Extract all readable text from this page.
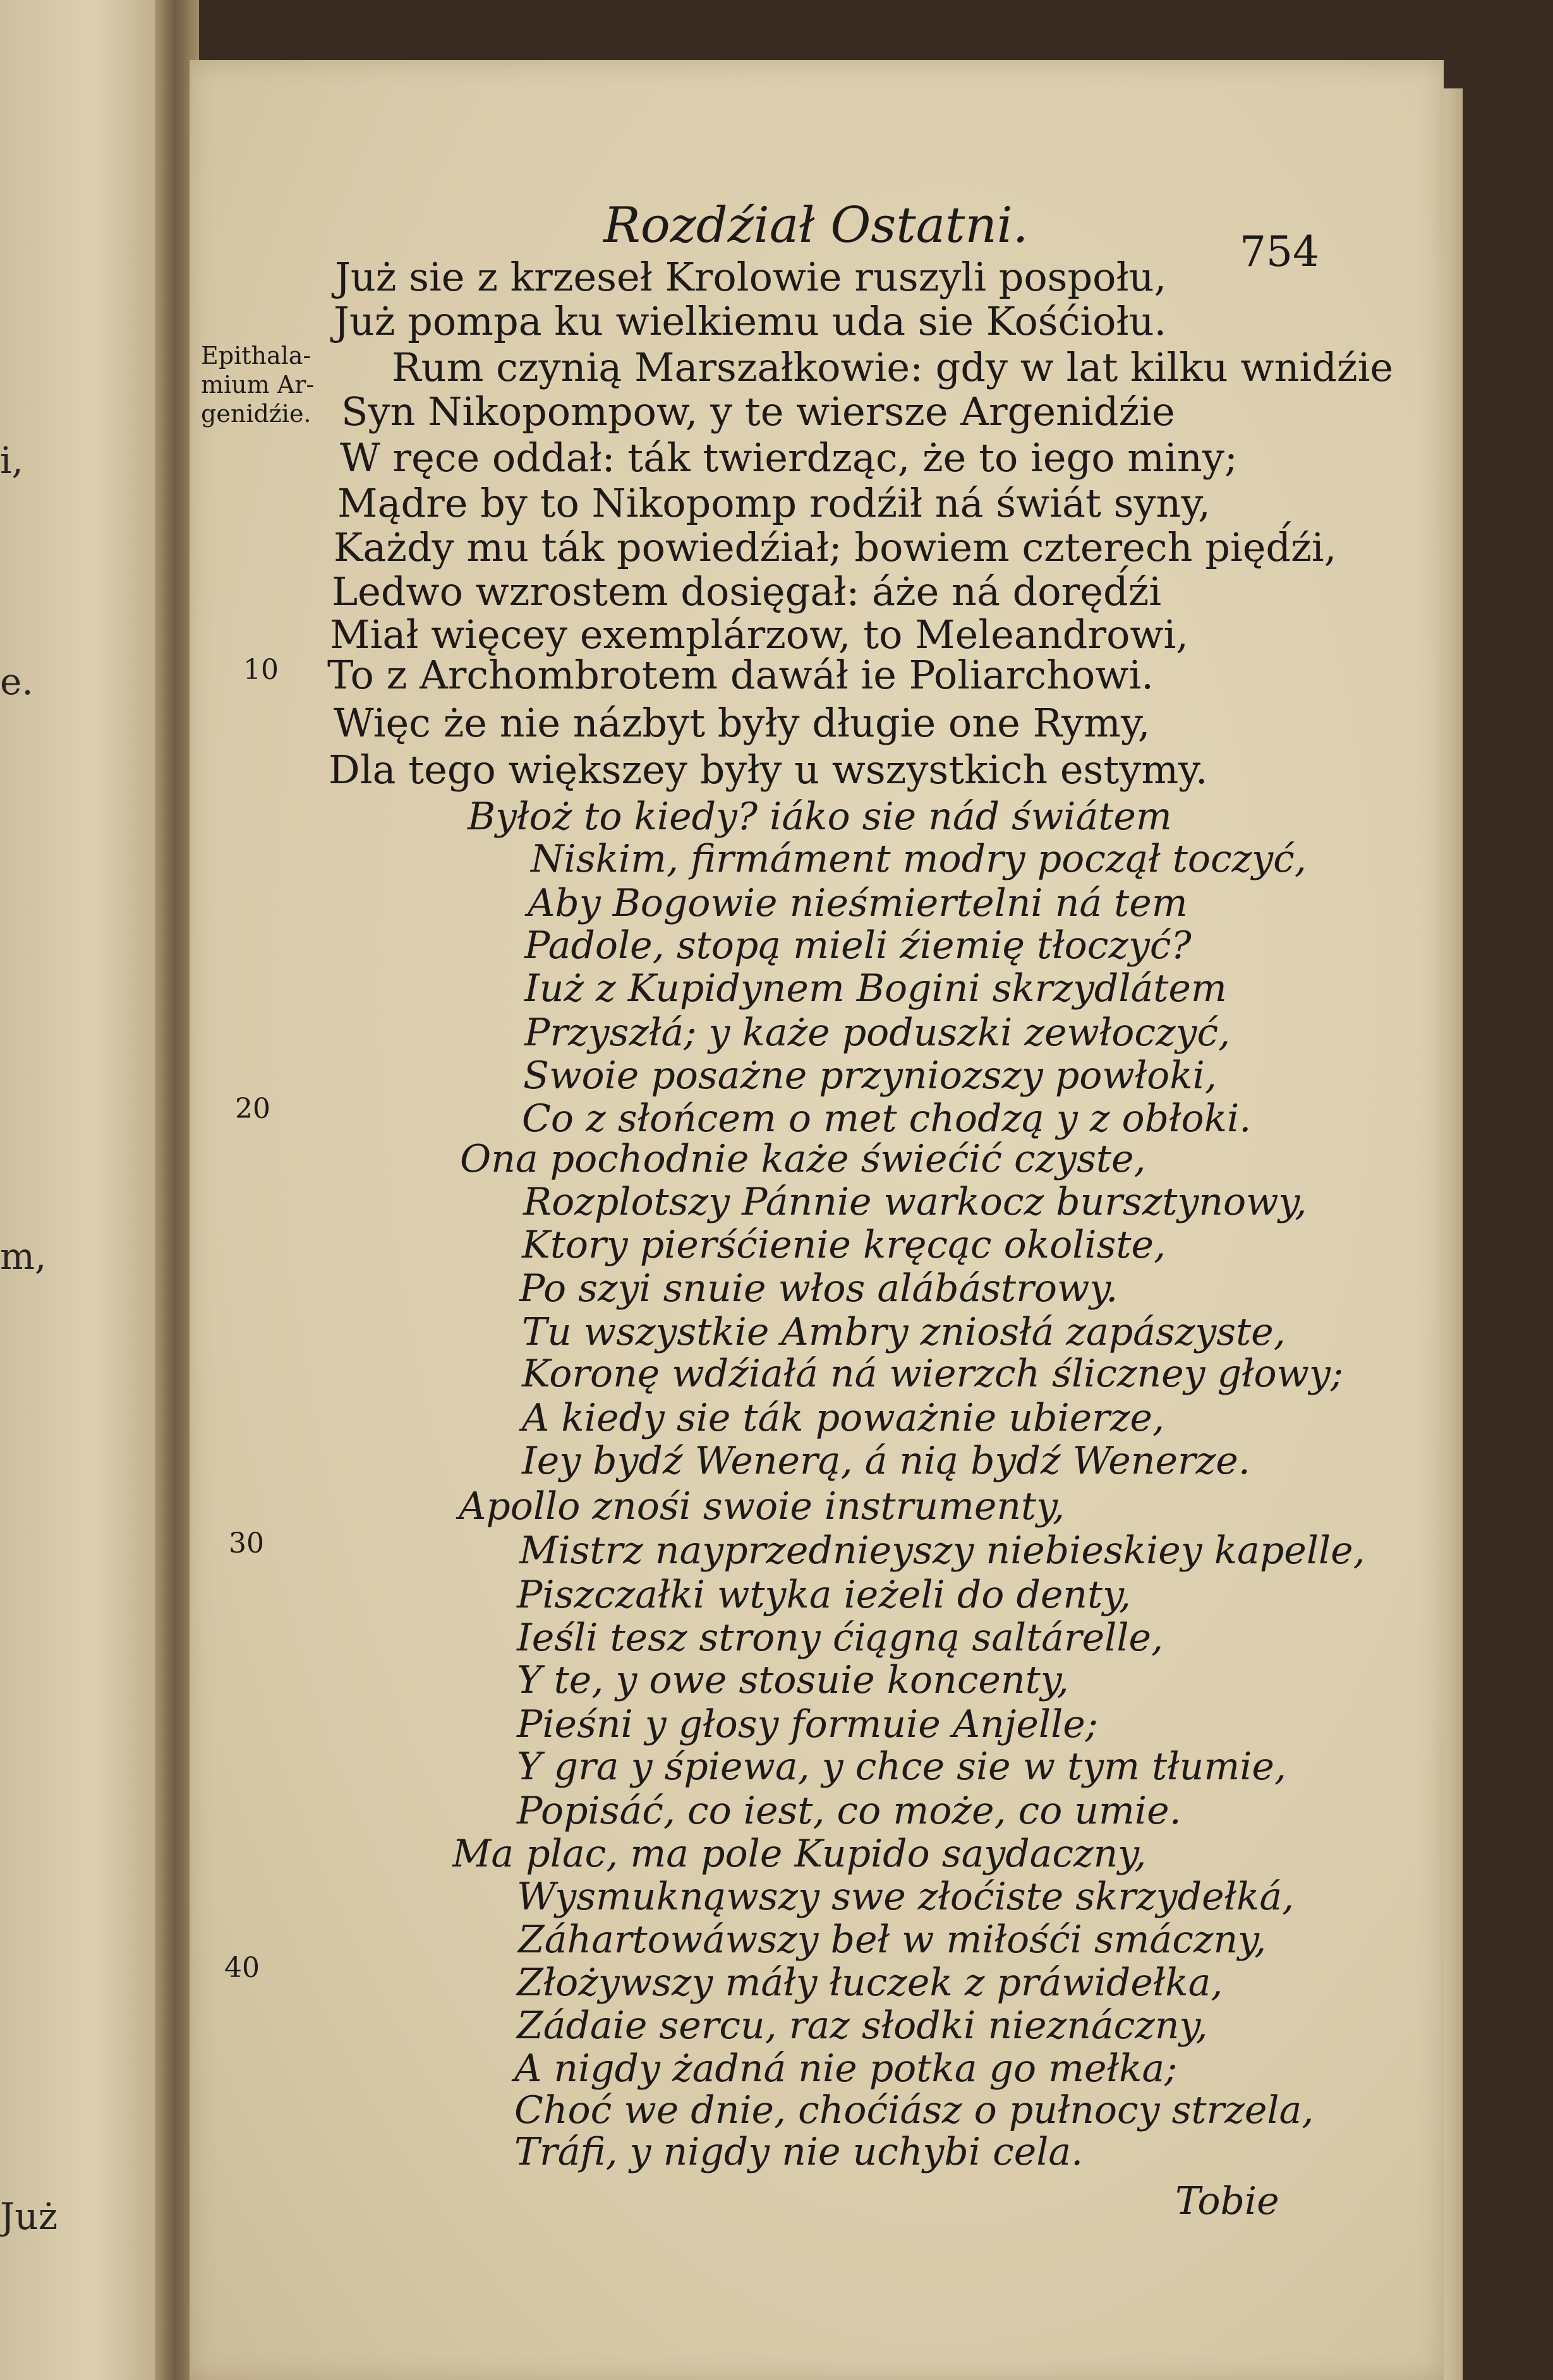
i,
e.
m,
Już
Rozdźiał Ostatni.	754
Epithala-
mium Ar-
genidźie.
10
20
30
40
Już sie z krzeseł Krolowie ruszyli pospołu,
Już pompa ku wielkiemu uda sie Kośćiołu.
Rum czynią Marszałkowie: gdy w lat kilku wnidźie
Syn Nikopompow, y te wiersze Argenidźie
W ręce oddał: ták twierdząc, że to iego miny;
Mądre by to Nikopomp rodźił ná świát syny,
Każdy mu ták powiedźiał; bowiem czterech pięd́źi,
Ledwo wzrostem dosięgał: áże ná doręd́źi
Miał więcey exemplárzow, to Meleandrowi,
To z Archombrotem dawáł ie Poliarchowi.
Więc że nie názbyt były długie one Rymy,
Dla tego większey były u wszystkich estymy.
Byłoż to kiedy? iáko sie nád świátem
Niskim, firmáment modry począł toczyć,
Aby Bogowie nieśmiertelni ná tem
Padole, stopą mieli źiemię tłoczyć?
Iuż z Kupidynem Bogini skrzydlátem
Przyszłá; y każe poduszki zewłoczyć,
Swoie posażne przyniozszy powłoki,
Co z słońcem o met chodzą y z obłoki.
Ona pochodnie każe świećić czyste,
Rozplotszy Pánnie warkocz bursztynowy,
Ktory pierśćienie kręcąc okoliste,
Po szyi snuie włos alábástrowy.
Tu wszystkie Ambry zniosłá zapászyste,
Koronę wdźiałá ná wierzch śliczney głowy;
A kiedy sie ták poważnie ubierze,
Iey bydź Wenerą, á nią bydź Wenerze.
Apollo znośi swoie instrumenty,
Mistrz nayprzednieyszy niebieskiey kapelle,
Piszczałki wtyka ieżeli do denty,
Ieśli tesz strony ćiągną saltárelle,
Y te, y owe stosuie koncenty,
Pieśni y głosy formuie Anjelle;
Y gra y śpiewa, y chce sie w tym tłumie,
Popisáć, co iest, co może, co umie.
Ma plac, ma pole Kupido saydaczny,
Wysmuknąwszy swe złoćiste skrzydełká,
Záhartowáwszy beł w miłośći smáczny,
Złożywszy máły łuczek z práwidełka,
Zádaie sercu, raz słodki nieznáczny,
A nigdy żadná nie potka go mełka;
Choć we dnie, choćiász o pułnocy strzela,
Tráfi, y nigdy nie uchybi cela.
Tobie
